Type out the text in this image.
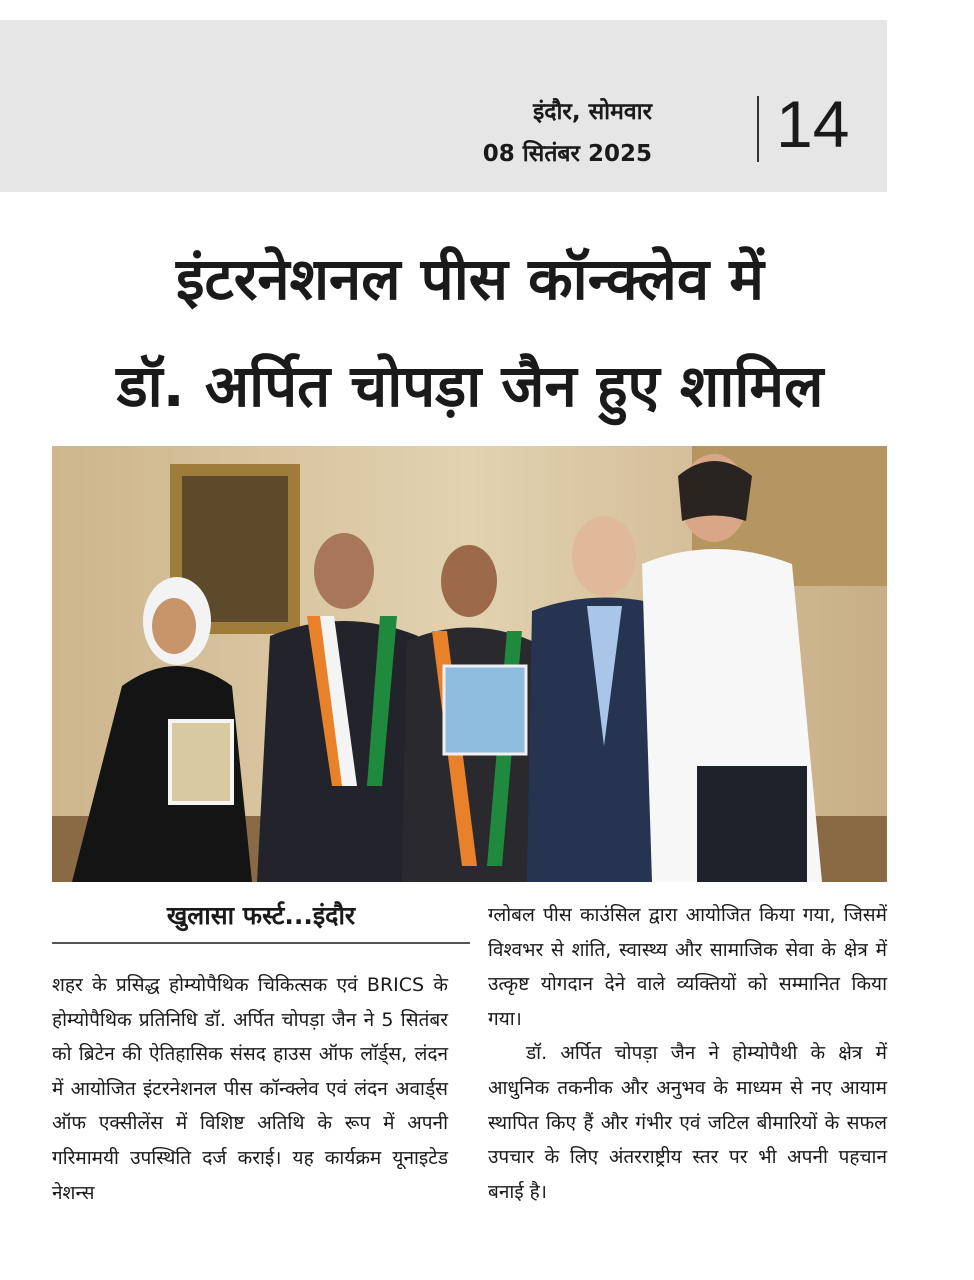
इंदौर, सोमवार
08 सितंबर 2025 14
इंटरनेशनल पीस कॉन्क्लेव में
डॉ. अर्पित चोपड़ा जैन हुए शामिल
खुलासा फर्स्ट...इंदौर
शहर के प्रसिद्ध होम्योपैथिक चिकित्सक एवं BRICS के होम्योपैथिक प्रतिनिधि डॉ. अर्पित चोपड़ा जैन ने 5 सितंबर को ब्रिटेन की ऐतिहासिक संसद हाउस ऑफ लॉर्ड्स, लंदन में आयोजित इंटरनेशनल पीस कॉन्क्लेव एवं लंदन अवार्ड्स ऑफ एक्सीलेंस में विशिष्ट अतिथि के रूप में अपनी गरिमामयी उपस्थिति दर्ज कराई। यह कार्यक्रम यूनाइटेड नेशन्स
ग्लोबल पीस काउंसिल द्वारा आयोजित किया गया, जिसमें विश्वभर से शांति, स्वास्थ्य और सामाजिक सेवा के क्षेत्र में उत्कृष्ट योगदान देने वाले व्यक्तियों को सम्मानित किया गया।
डॉ. अर्पित चोपड़ा जैन ने होम्योपैथी के क्षेत्र में आधुनिक तकनीक और अनुभव के माध्यम से नए आयाम स्थापित किए हैं और गंभीर एवं जटिल बीमारियों के सफल उपचार के लिए अंतरराष्ट्रीय स्तर पर भी अपनी पहचान बनाई है।
